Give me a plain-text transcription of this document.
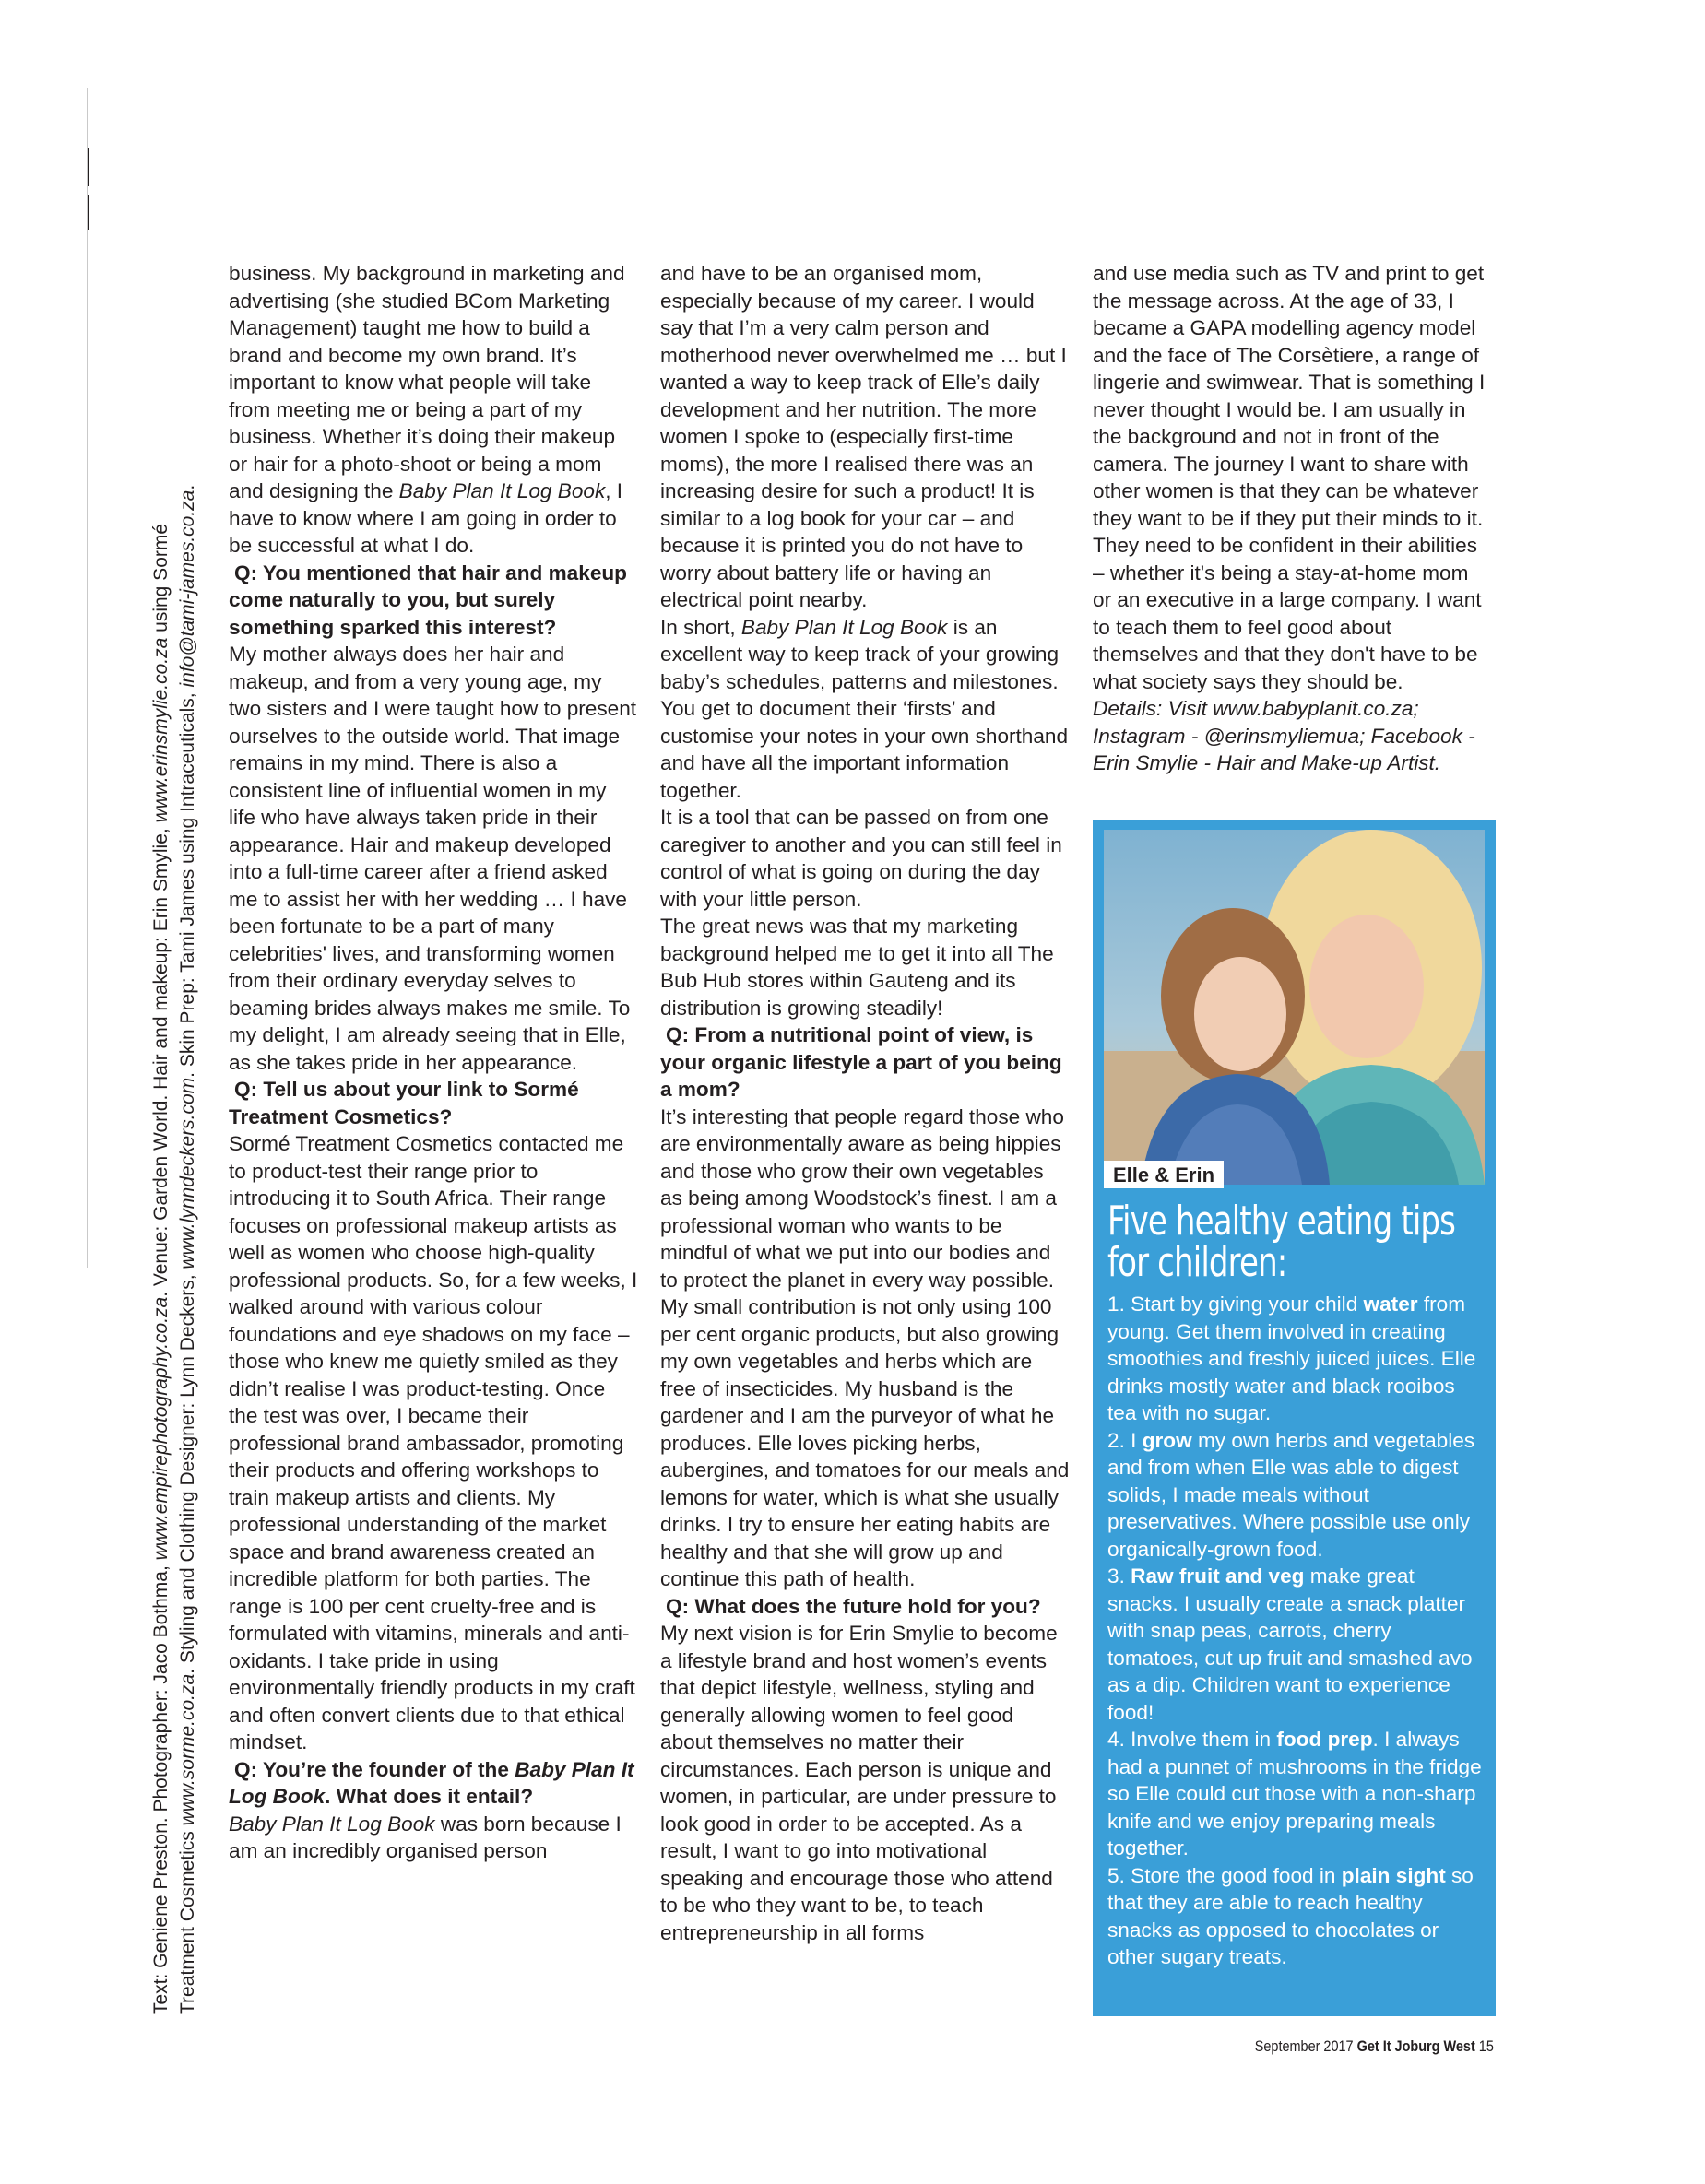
Text: Geniene Preston. Photographer: Jaco Bothma, www.empirephotography.co.za. Venue: Garden World. Hair and makeup: Erin Smylie, www.erinsmylie.co.za using Sormé
Treatment Cosmetics www.sorme.co.za. Styling and Clothing Designer: Lynn Deckers, www.lynndeckers.com. Skin Prep: Tami James using Intraceuticals, info@tami-james.co.za.

business. My background in marketing and advertising (she studied BCom Marketing Management) taught me how to build a brand and become my own brand. It’s important to know what people will take from meeting me or being a part of my business. Whether it’s doing their makeup or hair for a photo-shoot or being a mom and designing the Baby Plan It Log Book, I have to know where I am going in order to be successful at what I do.

Q: You mentioned that hair and makeup come naturally to you, but surely something sparked this interest?

My mother always does her hair and makeup, and from a very young age, my two sisters and I were taught how to present ourselves to the outside world. That image remains in my mind. There is also a consistent line of influential women in my life who have always taken pride in their appearance. Hair and makeup developed into a full-time career after a friend asked me to assist her with her wedding … I have been fortunate to be a part of many celebrities' lives, and transforming women from their ordinary everyday selves to beaming brides always makes me smile. To my delight, I am already seeing that in Elle, as she takes pride in her appearance.

Q: Tell us about your link to Sormé Treatment Cosmetics?

Sormé Treatment Cosmetics contacted me to product-test their range prior to introducing it to South Africa. Their range focuses on professional makeup artists as well as women who choose high-quality professional products. So, for a few weeks, I walked around with various colour foundations and eye shadows on my face – those who knew me quietly smiled as they didn’t realise I was product-testing. Once the test was over, I became their professional brand ambassador, promoting their products and offering workshops to train makeup artists and clients. My professional understanding of the market space and brand awareness created an incredible platform for both parties. The range is 100 per cent cruelty-free and is formulated with vitamins, minerals and anti-oxidants. I take pride in using environmentally friendly products in my craft and often convert clients due to that ethical mindset.

Q: You’re the founder of the Baby Plan It Log Book. What does it entail?

Baby Plan It Log Book was born because I am an incredibly organised person

and have to be an organised mom, especially because of my career. I would say that I’m a very calm person and motherhood never overwhelmed me … but I wanted a way to keep track of Elle’s daily development and her nutrition. The more women I spoke to (especially first-time moms), the more I realised there was an increasing desire for such a product! It is similar to a log book for your car – and because it is printed you do not have to worry about battery life or having an electrical point nearby.

In short, Baby Plan It Log Book is an excellent way to keep track of your growing baby’s schedules, patterns and milestones. You get to document their ‘firsts’ and customise your notes in your own shorthand and have all the important information together.

It is a tool that can be passed on from one caregiver to another and you can still feel in control of what is going on during the day with your little person.

The great news was that my marketing background helped me to get it into all The Bub Hub stores within Gauteng and its distribution is growing steadily!

Q: From a nutritional point of view, is your organic lifestyle a part of you being a mom?

It’s interesting that people regard those who are environmentally aware as being hippies and those who grow their own vegetables as being among Woodstock’s finest. I am a professional woman who wants to be mindful of what we put into our bodies and to protect the planet in every way possible. My small contribution is not only using 100 per cent organic products, but also growing my own vegetables and herbs which are free of insecticides. My husband is the gardener and I am the purveyor of what he produces. Elle loves picking herbs, aubergines, and tomatoes for our meals and lemons for water, which is what she usually drinks. I try to ensure her eating habits are healthy and that she will grow up and continue this path of health.

Q: What does the future hold for you?

My next vision is for Erin Smylie to become a lifestyle brand and host women’s events that depict lifestyle, wellness, styling and generally allowing women to feel good about themselves no matter their circumstances. Each person is unique and women, in particular, are under pressure to look good in order to be accepted. As a result, I want to go into motivational speaking and encourage those who attend to be who they want to be, to teach entrepreneurship in all forms

and use media such as TV and print to get the message across. At the age of 33, I became a GAPA modelling agency model and the face of The Corsètiere, a range of lingerie and swimwear. That is something I never thought I would be. I am usually in the background and not in front of the camera. The journey I want to share with other women is that they can be whatever they want to be if they put their minds to it. They need to be confident in their abilities – whether it's being a stay-at-home mom or an executive in a large company. I want to teach them to feel good about themselves and that they don't have to be what society says they should be.

Details: Visit www.babyplanit.co.za; Instagram - @erinsmyliemua; Facebook - Erin Smylie - Hair and Make-up Artist.

Elle & Erin
Five healthy eating tips for children:

1. Start by giving your child water from young. Get them involved in creating smoothies and freshly juiced juices. Elle drinks mostly water and black rooibos tea with no sugar.

2. I grow my own herbs and vegetables and from when Elle was able to digest solids, I made meals without preservatives. Where possible use only organically-grown food.

3. Raw fruit and veg make great snacks. I usually create a snack platter with snap peas, carrots, cherry tomatoes, cut up fruit and smashed avo as a dip. Children want to experience food!

4. Involve them in food prep. I always had a punnet of mushrooms in the fridge so Elle could cut those with a non-sharp knife and we enjoy preparing meals together.

5. Store the good food in plain sight so that they are able to reach healthy snacks as opposed to chocolates or other sugary treats.

September 2017 Get It Joburg West 15
